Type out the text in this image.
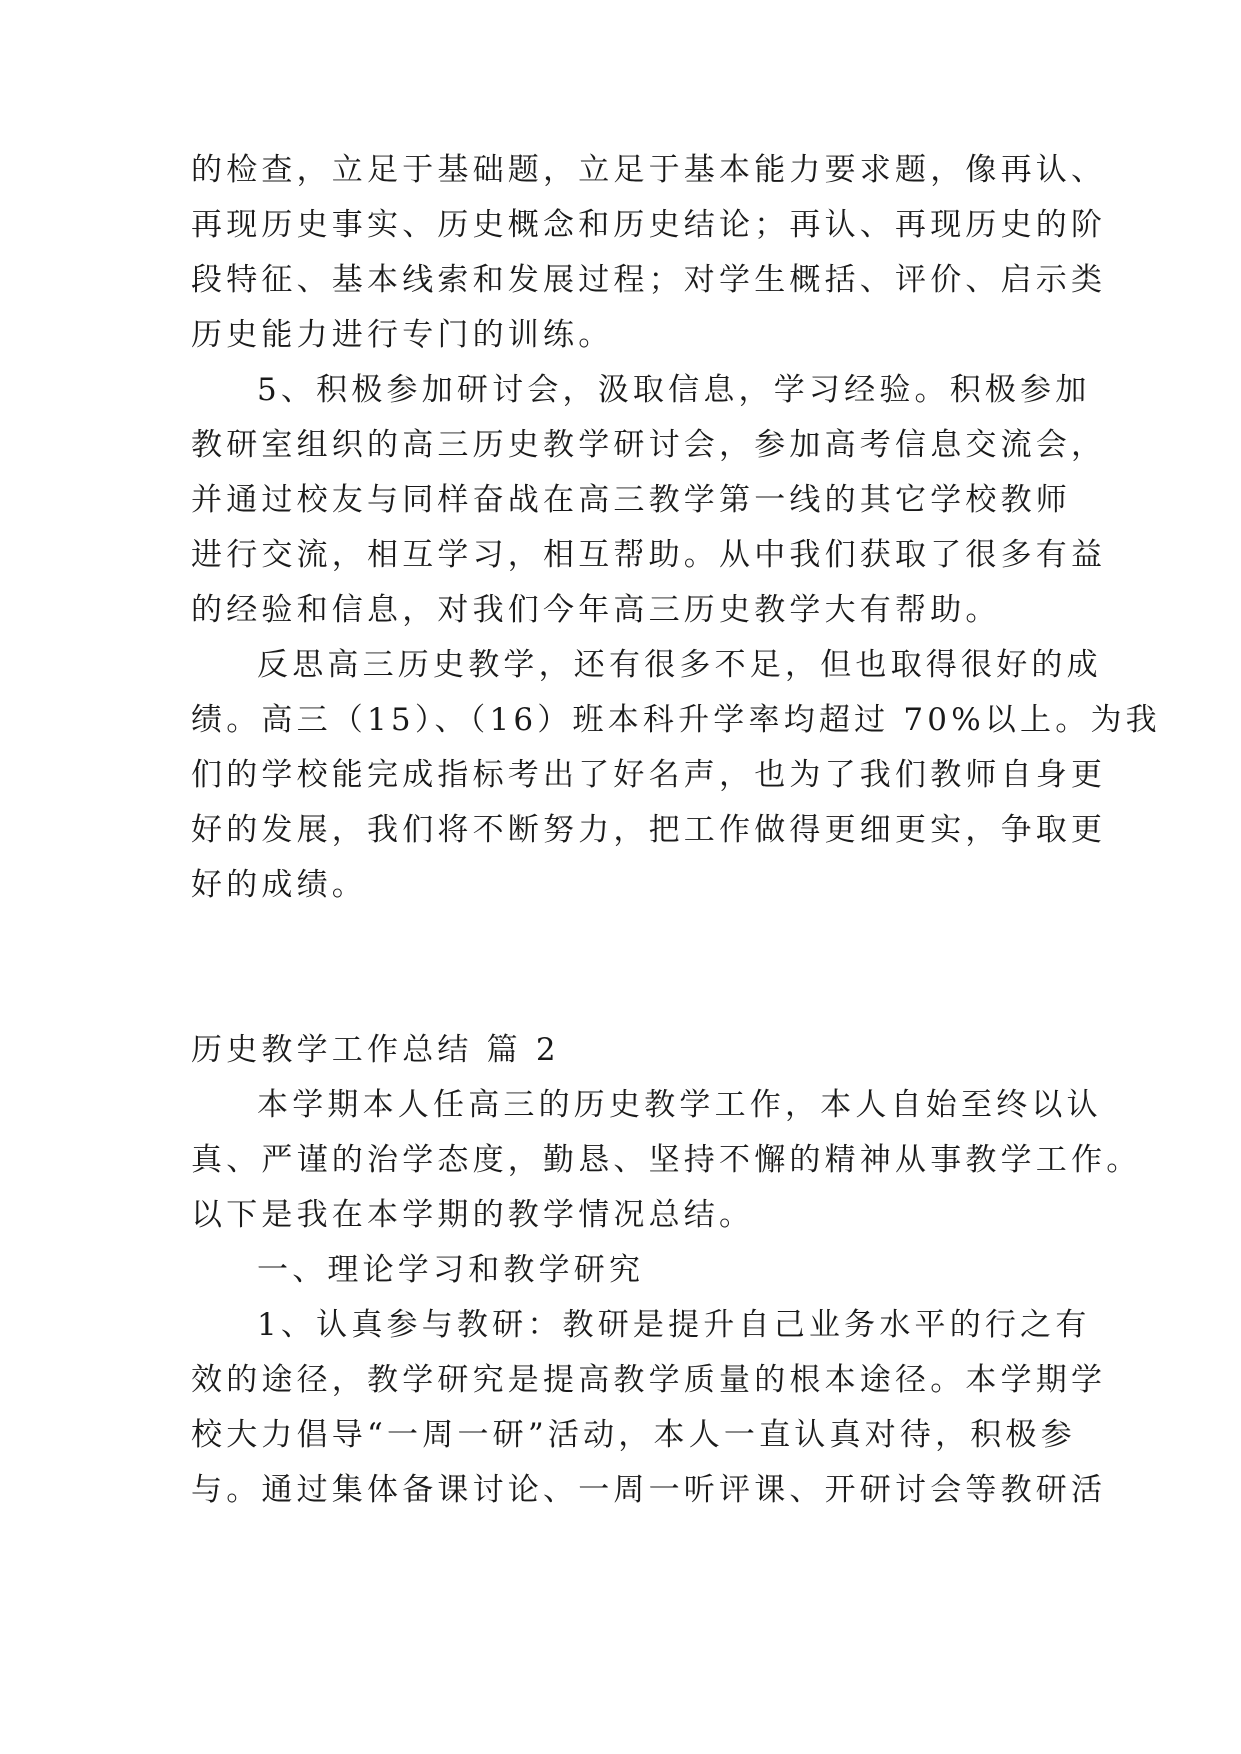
的检查，立足于基础题，立足于基本能力要求题，像再认、
再现历史事实、历史概念和历史结论；再认、再现历史的阶
段特征、基本线索和发展过程；对学生概括、评价、启示类
历史能力进行专门的训练。
5、积极参加研讨会，汲取信息，学习经验。积极参加
教研室组织的高三历史教学研讨会，参加高考信息交流会，
并通过校友与同样奋战在高三教学第一线的其它学校教师
进行交流，相互学习，相互帮助。从中我们获取了很多有益
的经验和信息，对我们今年高三历史教学大有帮助。
反思高三历史教学，还有很多不足，但也取得很好的成
绩。高三（15）、（16）班本科升学率均超过 70%以上。为我
们的学校能完成指标考出了好名声，也为了我们教师自身更
好的发展，我们将不断努力，把工作做得更细更实，争取更
好的成绩。
历史教学工作总结 篇 2
本学期本人任高三的历史教学工作，本人自始至终以认
真、严谨的治学态度，勤恳、坚持不懈的精神从事教学工作。
以下是我在本学期的教学情况总结。
一、理论学习和教学研究
1、认真参与教研：教研是提升自己业务水平的行之有
效的途径，教学研究是提高教学质量的根本途径。本学期学
校大力倡导“一周一研”活动，本人一直认真对待，积极参
与。通过集体备课讨论、一周一听评课、开研讨会等教研活
